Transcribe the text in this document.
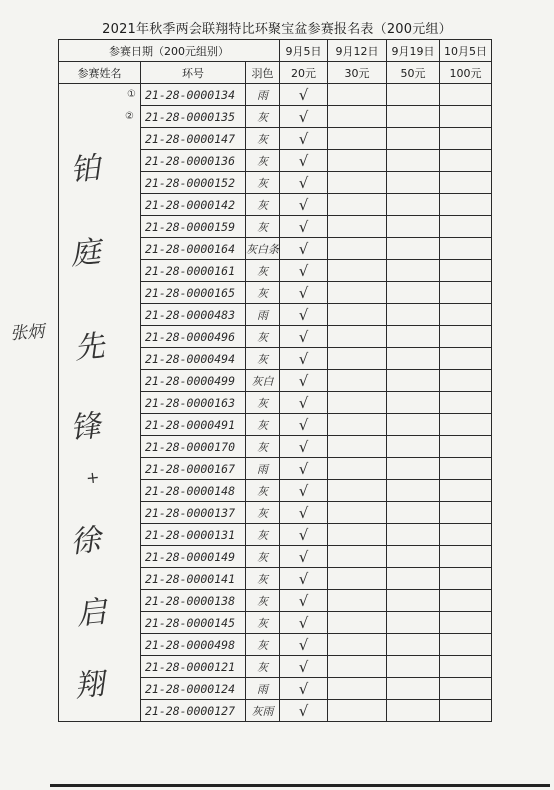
2021年秋季两会联翔特比环聚宝盆参赛报名表（200元组）
参赛日期（200元组别）			9月5日	9月12日	9月19日	10月5日
参赛姓名	环号	羽色	20元	30元	50元	100元
	21-28-0000134	雨	√			
	21-28-0000135	灰	√			
	21-28-0000147	灰	√			
	21-28-0000136	灰	√			
	21-28-0000152	灰	√			
	21-28-0000142	灰	√			
	21-28-0000159	灰	√			
	21-28-0000164	灰白条	√			
	21-28-0000161	灰	√			
	21-28-0000165	灰	√			
	21-28-0000483	雨	√			
	21-28-0000496	灰	√			
	21-28-0000494	灰	√			
	21-28-0000499	灰白	√			
	21-28-0000163	灰	√			
	21-28-0000491	灰	√			
	21-28-0000170	灰	√			
	21-28-0000167	雨	√			
	21-28-0000148	灰	√			
	21-28-0000137	灰	√			
	21-28-0000131	灰	√			
	21-28-0000149	灰	√			
	21-28-0000141	灰	√			
	21-28-0000138	灰	√			
	21-28-0000145	灰	√			
	21-28-0000498	灰	√			
	21-28-0000121	灰	√			
	21-28-0000124	雨	√			
	21-28-0000127	灰雨	√			
①
②
铂
庭
先
锋
+
徐
启
翔
张炳
